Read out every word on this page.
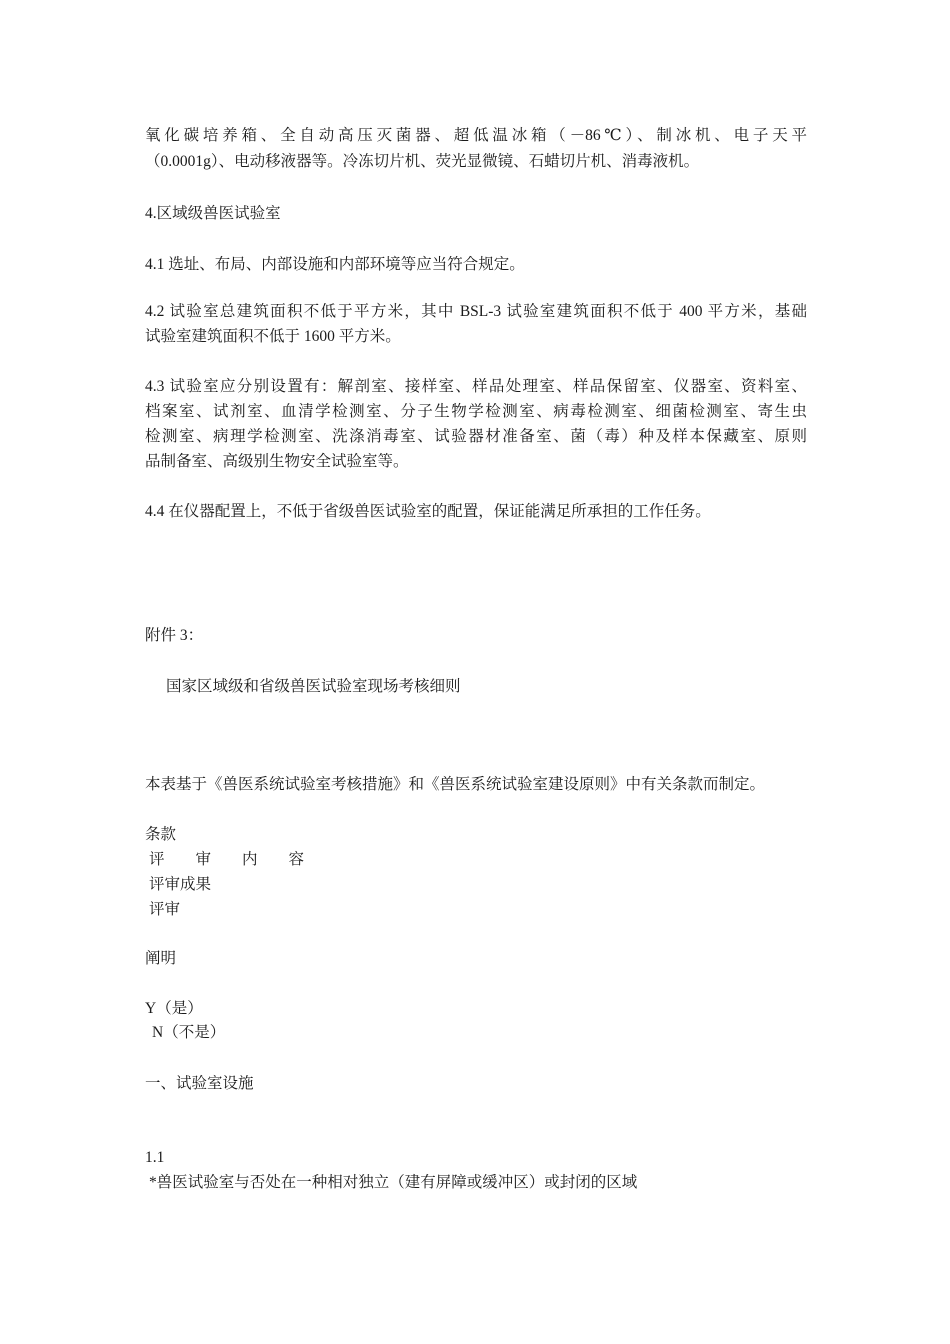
氧化碳培养箱、全自动高压灭菌器、超低温冰箱（－86℃）、制冰机、电子天平
（0.0001g）、电动移液器等。冷冻切片机、荧光显微镜、石蜡切片机、消毒液机。
4.区域级兽医试验室
4.1 选址、布局、内部设施和内部环境等应当符合规定。
4.2 试验室总建筑面积不低于平方米，其中 BSL-3 试验室建筑面积不低于 400 平方米，基础
试验室建筑面积不低于 1600 平方米。
4.3 试验室应分别设置有：解剖室、接样室、样品处理室、样品保留室、仪器室、资料室、
档案室、试剂室、血清学检测室、分子生物学检测室、病毒检测室、细菌检测室、寄生虫
检测室、病理学检测室、洗涤消毒室、试验器材准备室、菌（毒）种及样本保藏室、原则
品制备室、高级别生物安全试验室等。
4.4 在仪器配置上，不低于省级兽医试验室的配置，保证能满足所承担的工作任务。
附件 3：
国家区域级和省级兽医试验室现场考核细则
本表基于《兽医系统试验室考核措施》和《兽医系统试验室建设原则》中有关条款而制定。
条款
评　　审　　内　　容
评审成果
评审
阐明
Y（是）
N（不是）
一、试验室设施
1.1
*兽医试验室与否处在一种相对独立（建有屏障或缓冲区）或封闭的区域
